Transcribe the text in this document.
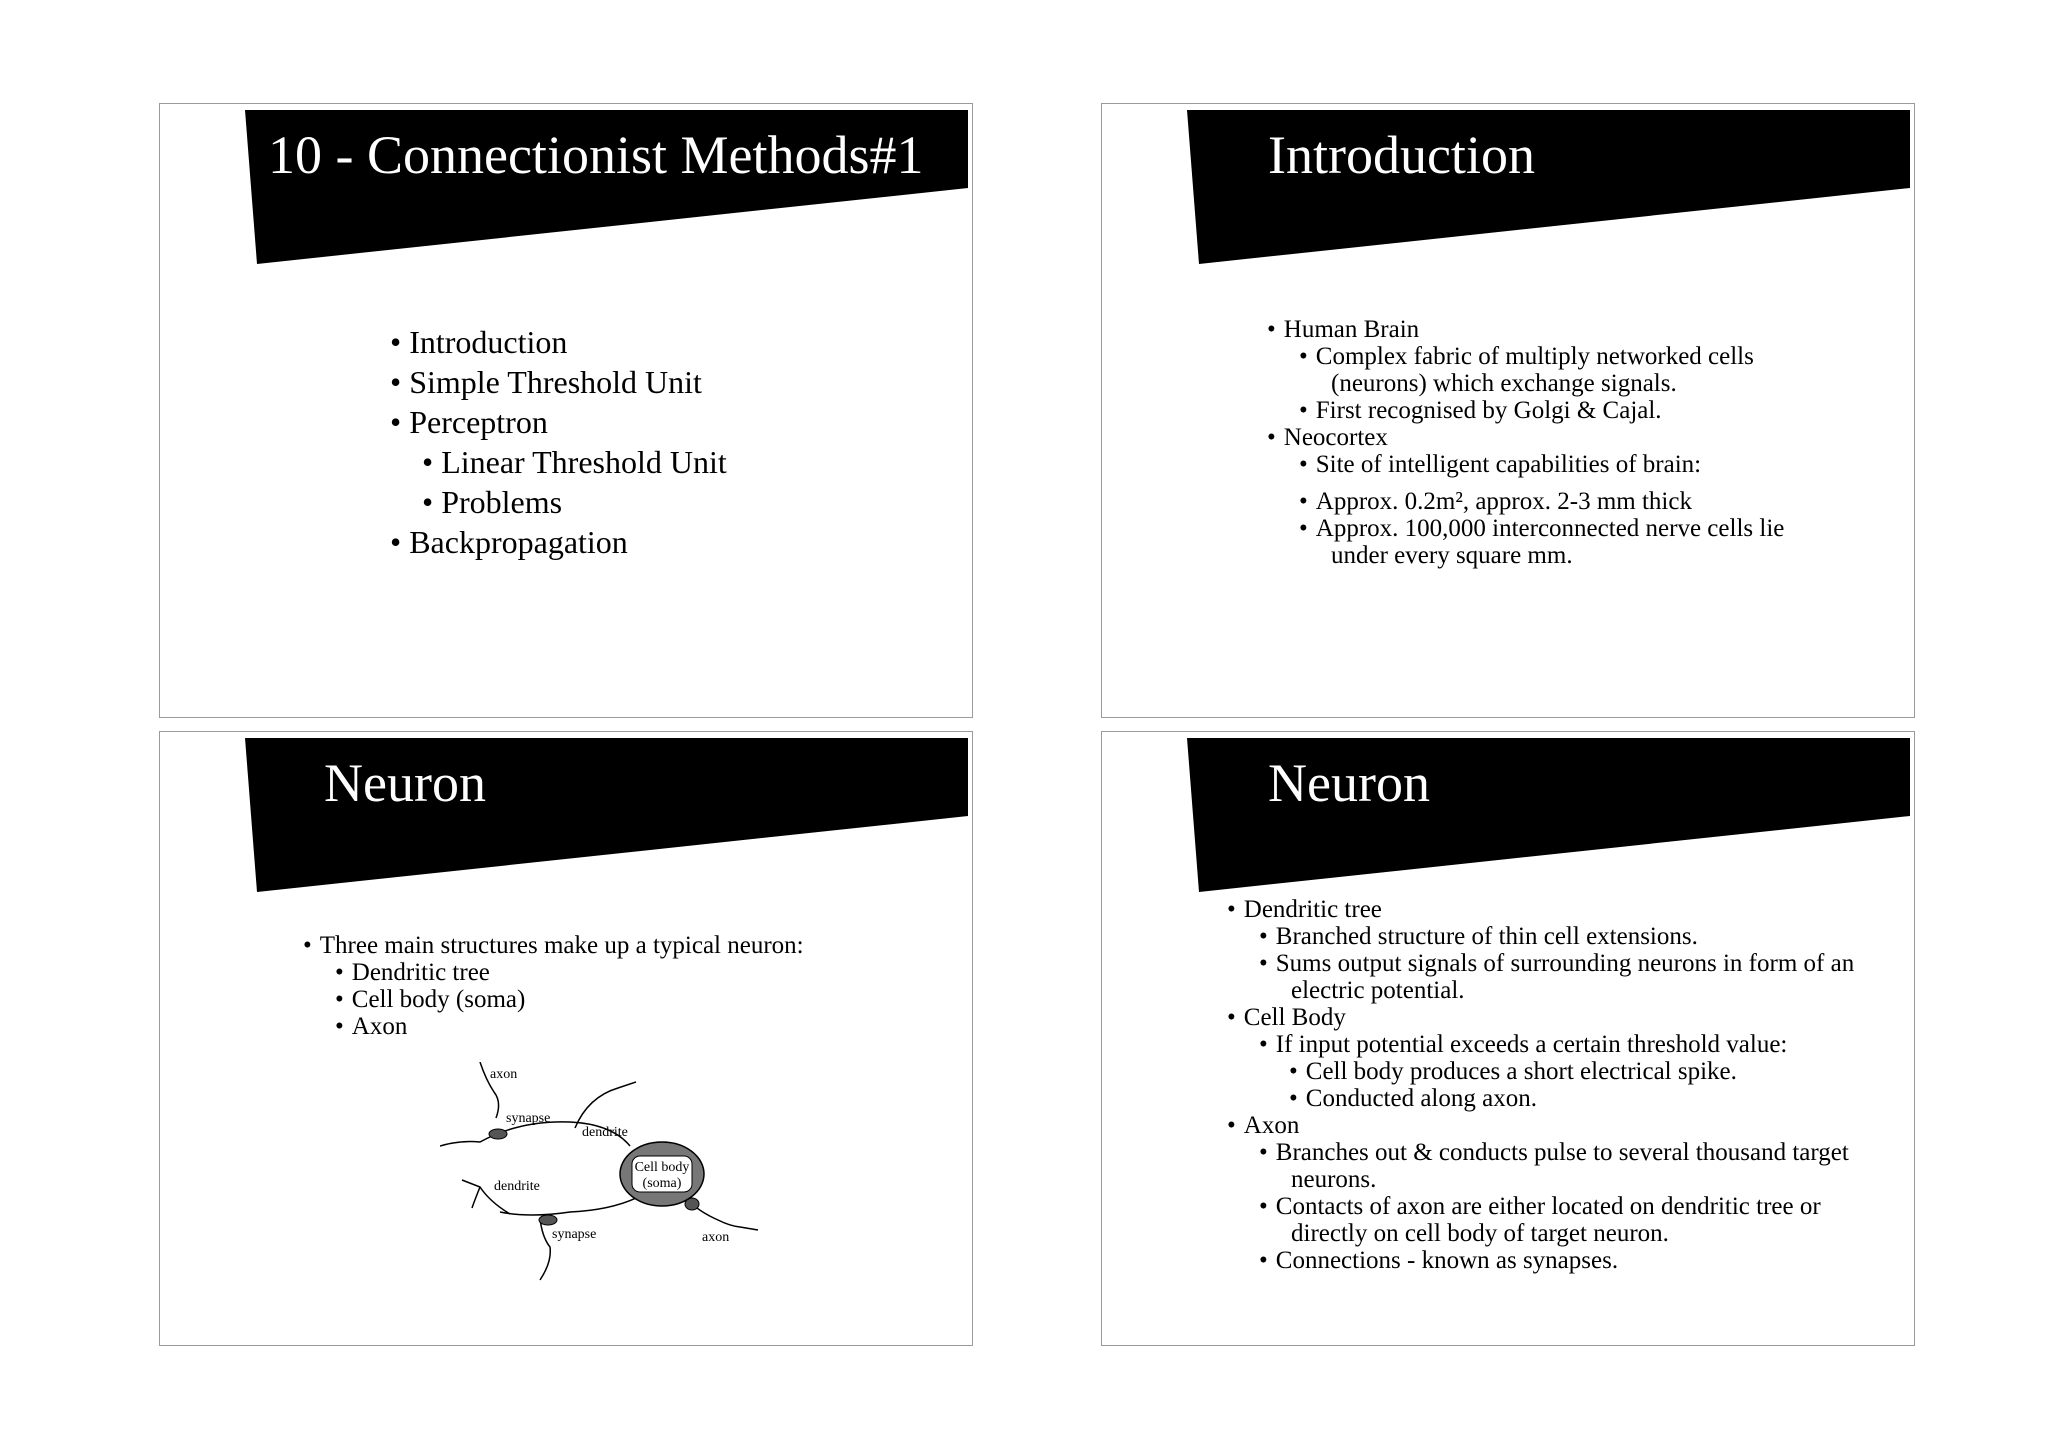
10 - Connectionist Methods#1
• Introduction
• Simple Threshold Unit
• Perceptron
• Linear Threshold Unit
• Problems
• Backpropagation
Introduction
• Human Brain
• Complex fabric of multiply networked cells
(neurons) which exchange signals.
• First recognised by Golgi & Cajal.
• Neocortex
• Site of intelligent capabilities of brain:
• Approx. 0.2m², approx. 2-3 mm thick
• Approx. 100,000 interconnected nerve cells lie
under every square mm.
Neuron
• Three main structures make up a typical neuron:
• Dendritic tree
• Cell body (soma)
• Axon
axon
synapse
dendrite
dendrite
Cell body
(soma)
synapse	axon
Neuron
• Dendritic tree
• Branched structure of thin cell extensions.
• Sums output signals of surrounding neurons in form of an
electric potential.
• Cell Body
• If input potential exceeds a certain threshold value:
• Cell body produces a short electrical spike.
• Conducted along axon.
• Axon
• Branches out & conducts pulse to several thousand target
neurons.
• Contacts of axon are either located on dendritic tree or
directly on cell body of target neuron.
• Connections - known as synapses.
